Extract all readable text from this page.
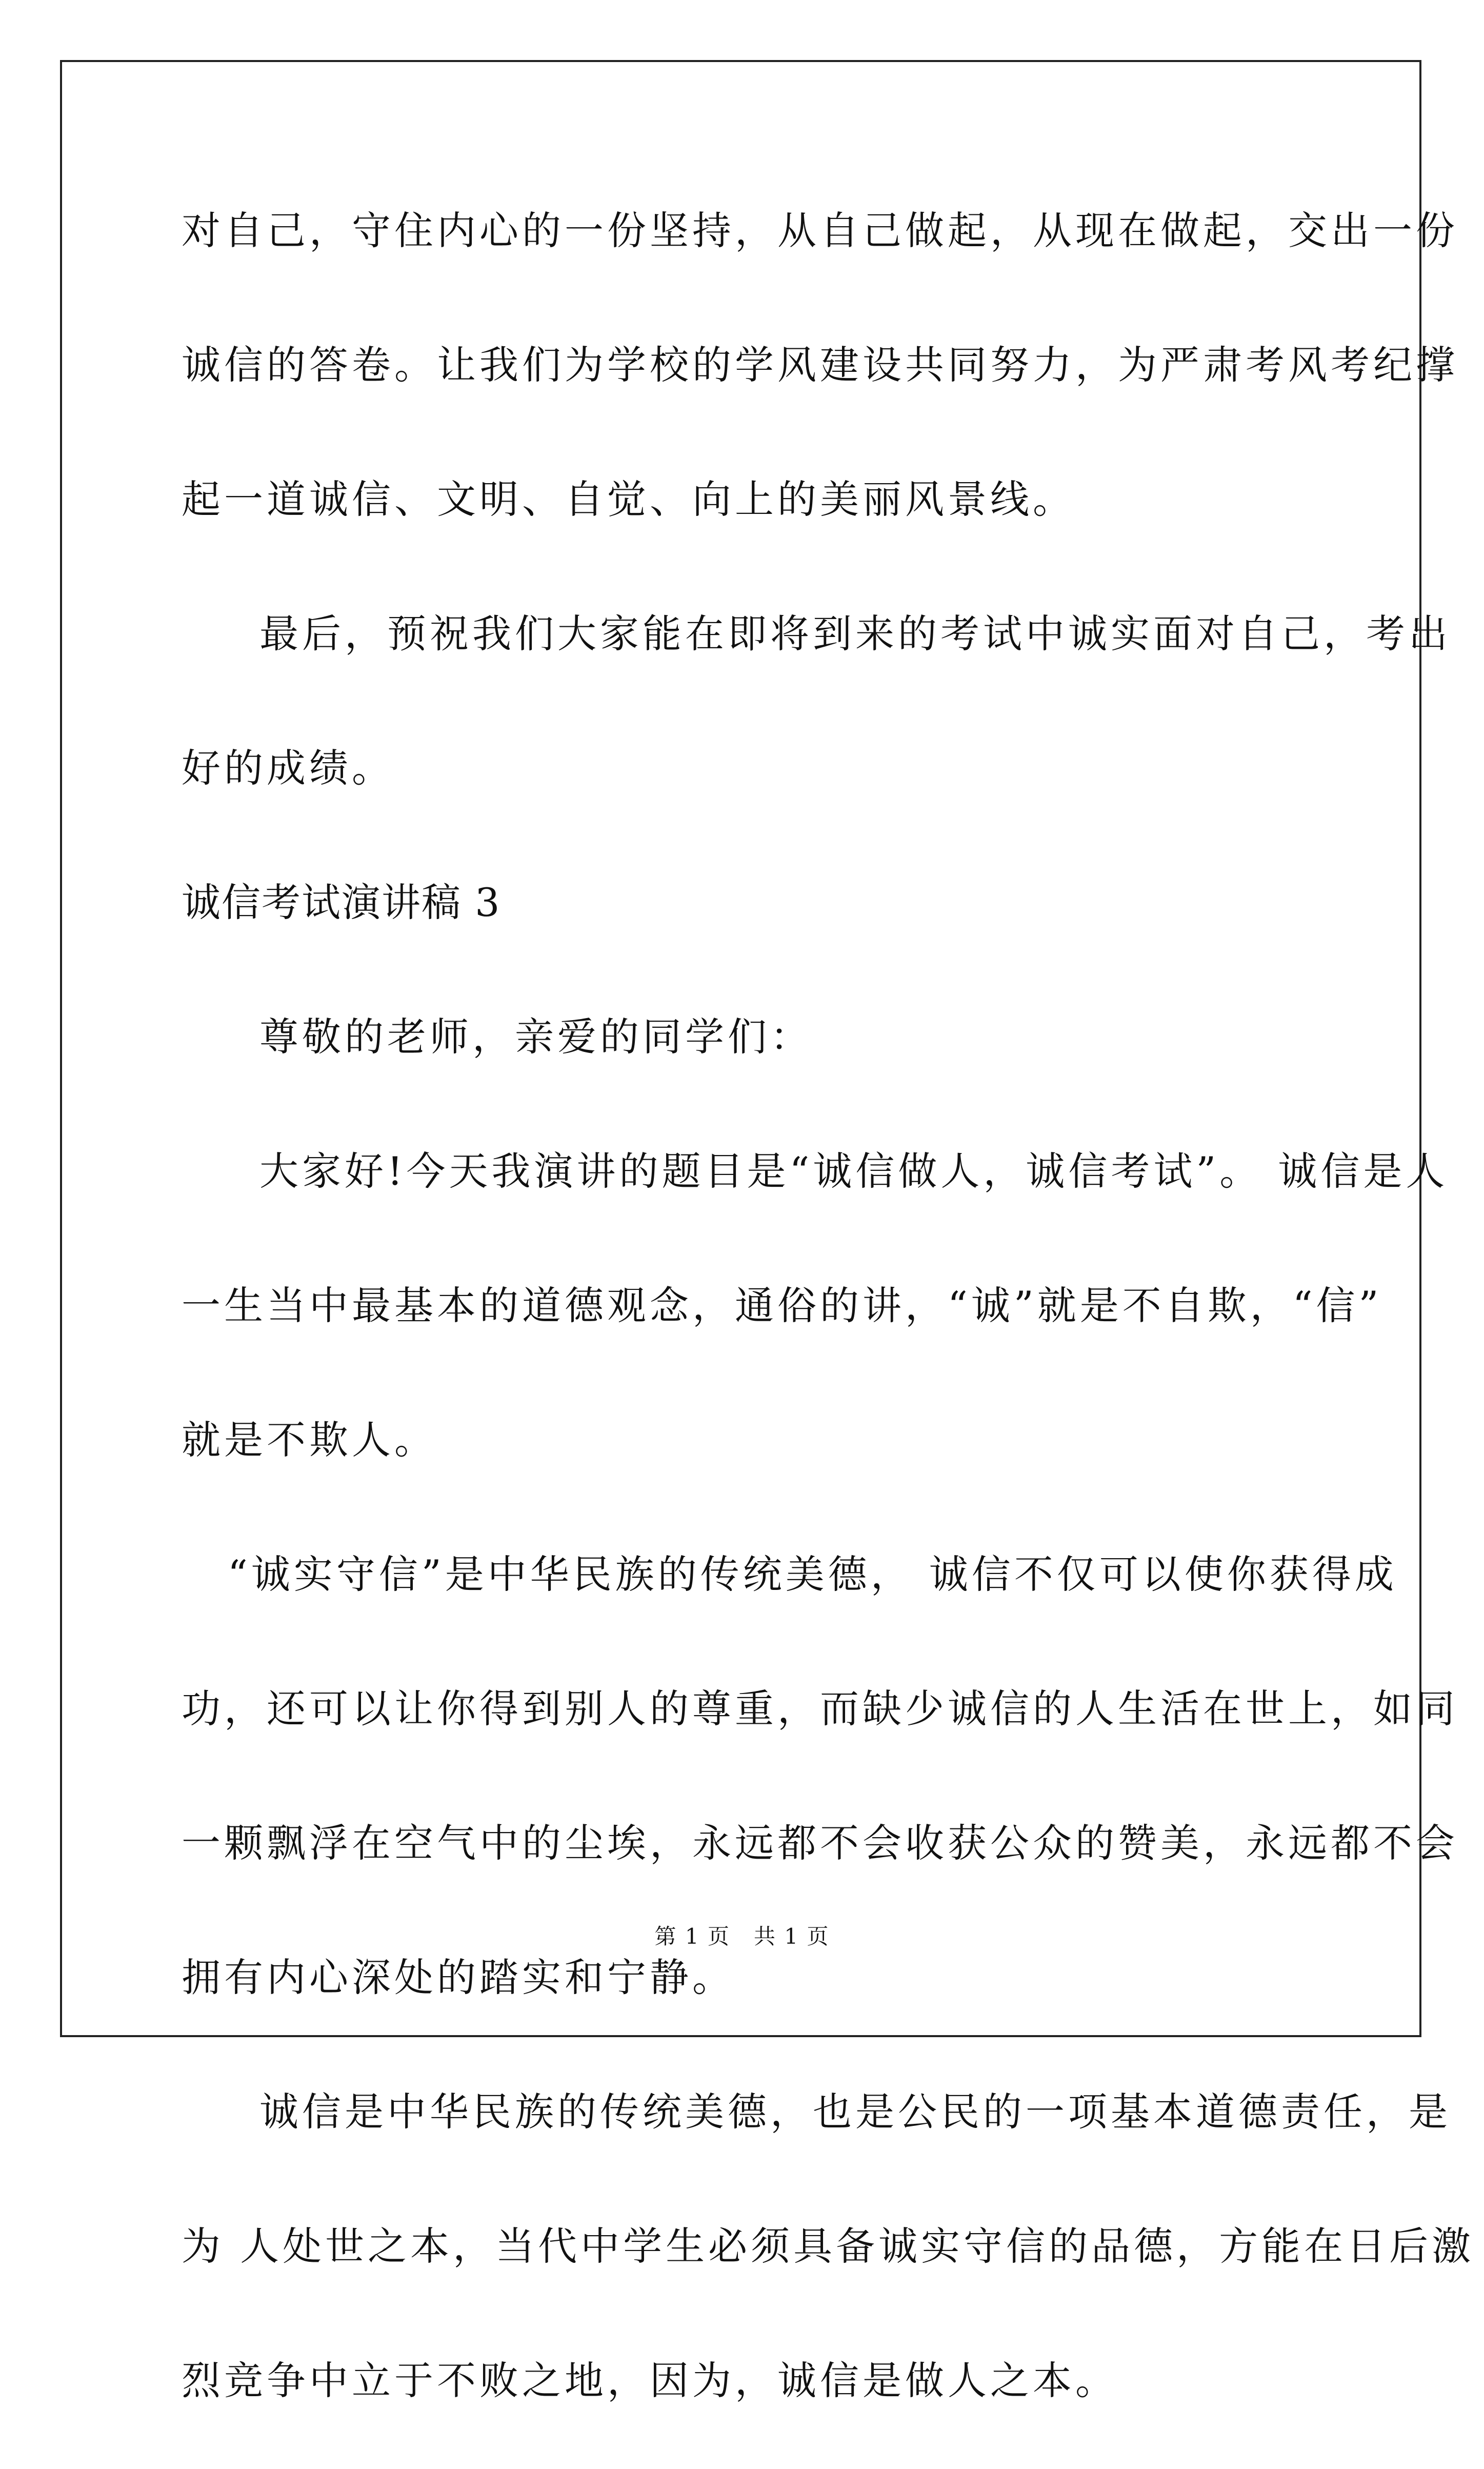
对自己，守住内心的一份坚持，从自己做起，从现在做起，交出一份
诚信的答卷。让我们为学校的学风建设共同努力，为严肃考风考纪撑
起一道诚信、文明、自觉、向上的美丽风景线。
最后，预祝我们大家能在即将到来的考试中诚实面对自己，考出
好的成绩。
诚信考试演讲稿 3
尊敬的老师，亲爱的同学们：
大家好!今天我演讲的题目是“诚信做人，诚信考试”。 诚信是人
一生当中最基本的道德观念，通俗的讲，“诚”就是不自欺，“信”
就是不欺人。
“诚实守信”是中华民族的传统美德， 诚信不仅可以使你获得成
功，还可以让你得到别人的尊重，而缺少诚信的人生活在世上，如同
一颗飘浮在空气中的尘埃，永远都不会收获公众的赞美，永远都不会
拥有内心深处的踏实和宁静。
诚信是中华民族的传统美德，也是公民的一项基本道德责任，是
为 人处世之本，当代中学生必须具备诚实守信的品德，方能在日后激
烈竞争中立于不败之地，因为，诚信是做人之本。
第 1 页   共 1 页
